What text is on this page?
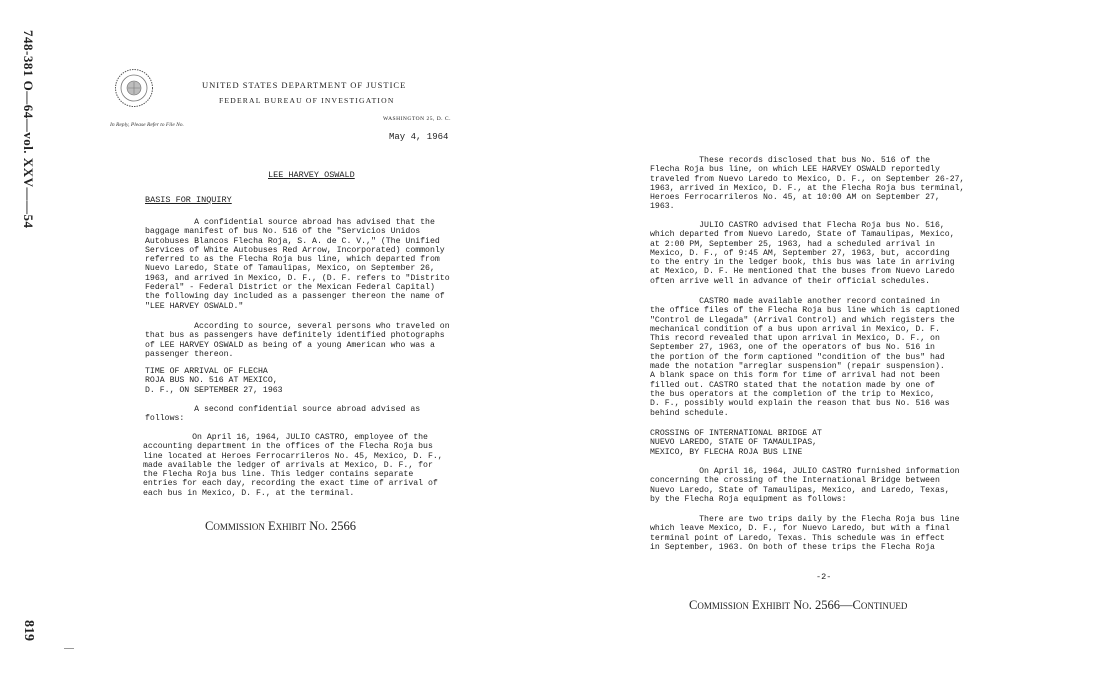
748-381 O—64—vol. XXV——54
819
UNITED STATES DEPARTMENT OF JUSTICE
FEDERAL BUREAU OF INVESTIGATION
In Reply, Please Refer to File No.
WASHINGTON 25, D. C.
May 4, 1964
LEE HARVEY OSWALD
BASIS FOR INQUIRY
A confidential source abroad has advised that the
baggage manifest of bus No. 516 of the "Servicios Unidos
Autobuses Blancos Flecha Roja, S. A. de C. V.," (The Unified
Services of White Autobuses Red Arrow, Incorporated) commonly
referred to as the Flecha Roja bus line, which departed from
Nuevo Laredo, State of Tamaulipas, Mexico, on September 26,
1963, and arrived in Mexico, D. F., (D. F. refers to "Distrito
Federal" - Federal District or the Mexican Federal Capital)
the following day included as a passenger thereon the name of
"LEE HARVEY OSWALD."
According to source, several persons who traveled on
that bus as passengers have definitely identified photographs
of LEE HARVEY OSWALD as being of a young American who was a
passenger thereon.
TIME OF ARRIVAL OF FLECHA
ROJA BUS NO. 516 AT MEXICO,
D. F., ON SEPTEMBER 27, 1963
A second confidential source abroad advised as
follows:
On April 16, 1964, JULIO CASTRO, employee of the
accounting department in the offices of the Flecha Roja bus
line located at Heroes Ferrocarrileros No. 45, Mexico, D. F.,
made available the ledger of arrivals at Mexico, D. F., for
the Flecha Roja bus line. This ledger contains separate
entries for each day, recording the exact time of arrival of
each bus in Mexico, D. F., at the terminal.
Commission Exhibit No. 2566
These records disclosed that bus No. 516 of the
Flecha Roja bus line, on which LEE HARVEY OSWALD reportedly
traveled from Nuevo Laredo to Mexico, D. F., on September 26-27,
1963, arrived in Mexico, D. F., at the Flecha Roja bus terminal,
Heroes Ferrocarrileros No. 45, at 10:00 AM on September 27,
1963.
JULIO CASTRO advised that Flecha Roja bus No. 516,
which departed from Nuevo Laredo, State of Tamaulipas, Mexico,
at 2:00 PM, September 25, 1963, had a scheduled arrival in
Mexico, D. F., of 9:45 AM, September 27, 1963, but, according
to the entry in the ledger book, this bus was late in arriving
at Mexico, D. F. He mentioned that the buses from Nuevo Laredo
often arrive well in advance of their official schedules.
CASTRO made available another record contained in
the office files of the Flecha Roja bus line which is captioned
"Control de Llegada" (Arrival Control) and which registers the
mechanical condition of a bus upon arrival in Mexico, D. F.
This record revealed that upon arrival in Mexico, D. F., on
September 27, 1963, one of the operators of bus No. 516 in
the portion of the form captioned "condition of the bus" had
made the notation "arreglar suspension" (repair suspension).
A blank space on this form for time of arrival had not been
filled out. CASTRO stated that the notation made by one of
the bus operators at the completion of the trip to Mexico,
D. F., possibly would explain the reason that bus No. 516 was
behind schedule.
CROSSING OF INTERNATIONAL BRIDGE AT
NUEVO LAREDO, STATE OF TAMAULIPAS,
MEXICO, BY FLECHA ROJA BUS LINE
On April 16, 1964, JULIO CASTRO furnished information
concerning the crossing of the International Bridge between
Nuevo Laredo, State of Tamaulipas, Mexico, and Laredo, Texas,
by the Flecha Roja equipment as follows:
There are two trips daily by the Flecha Roja bus line
which leave Mexico, D. F., for Nuevo Laredo, but with a final
terminal point of Laredo, Texas. This schedule was in effect
in September, 1963. On both of these trips the Flecha Roja
-2-
Commission Exhibit No. 2566—Continued
